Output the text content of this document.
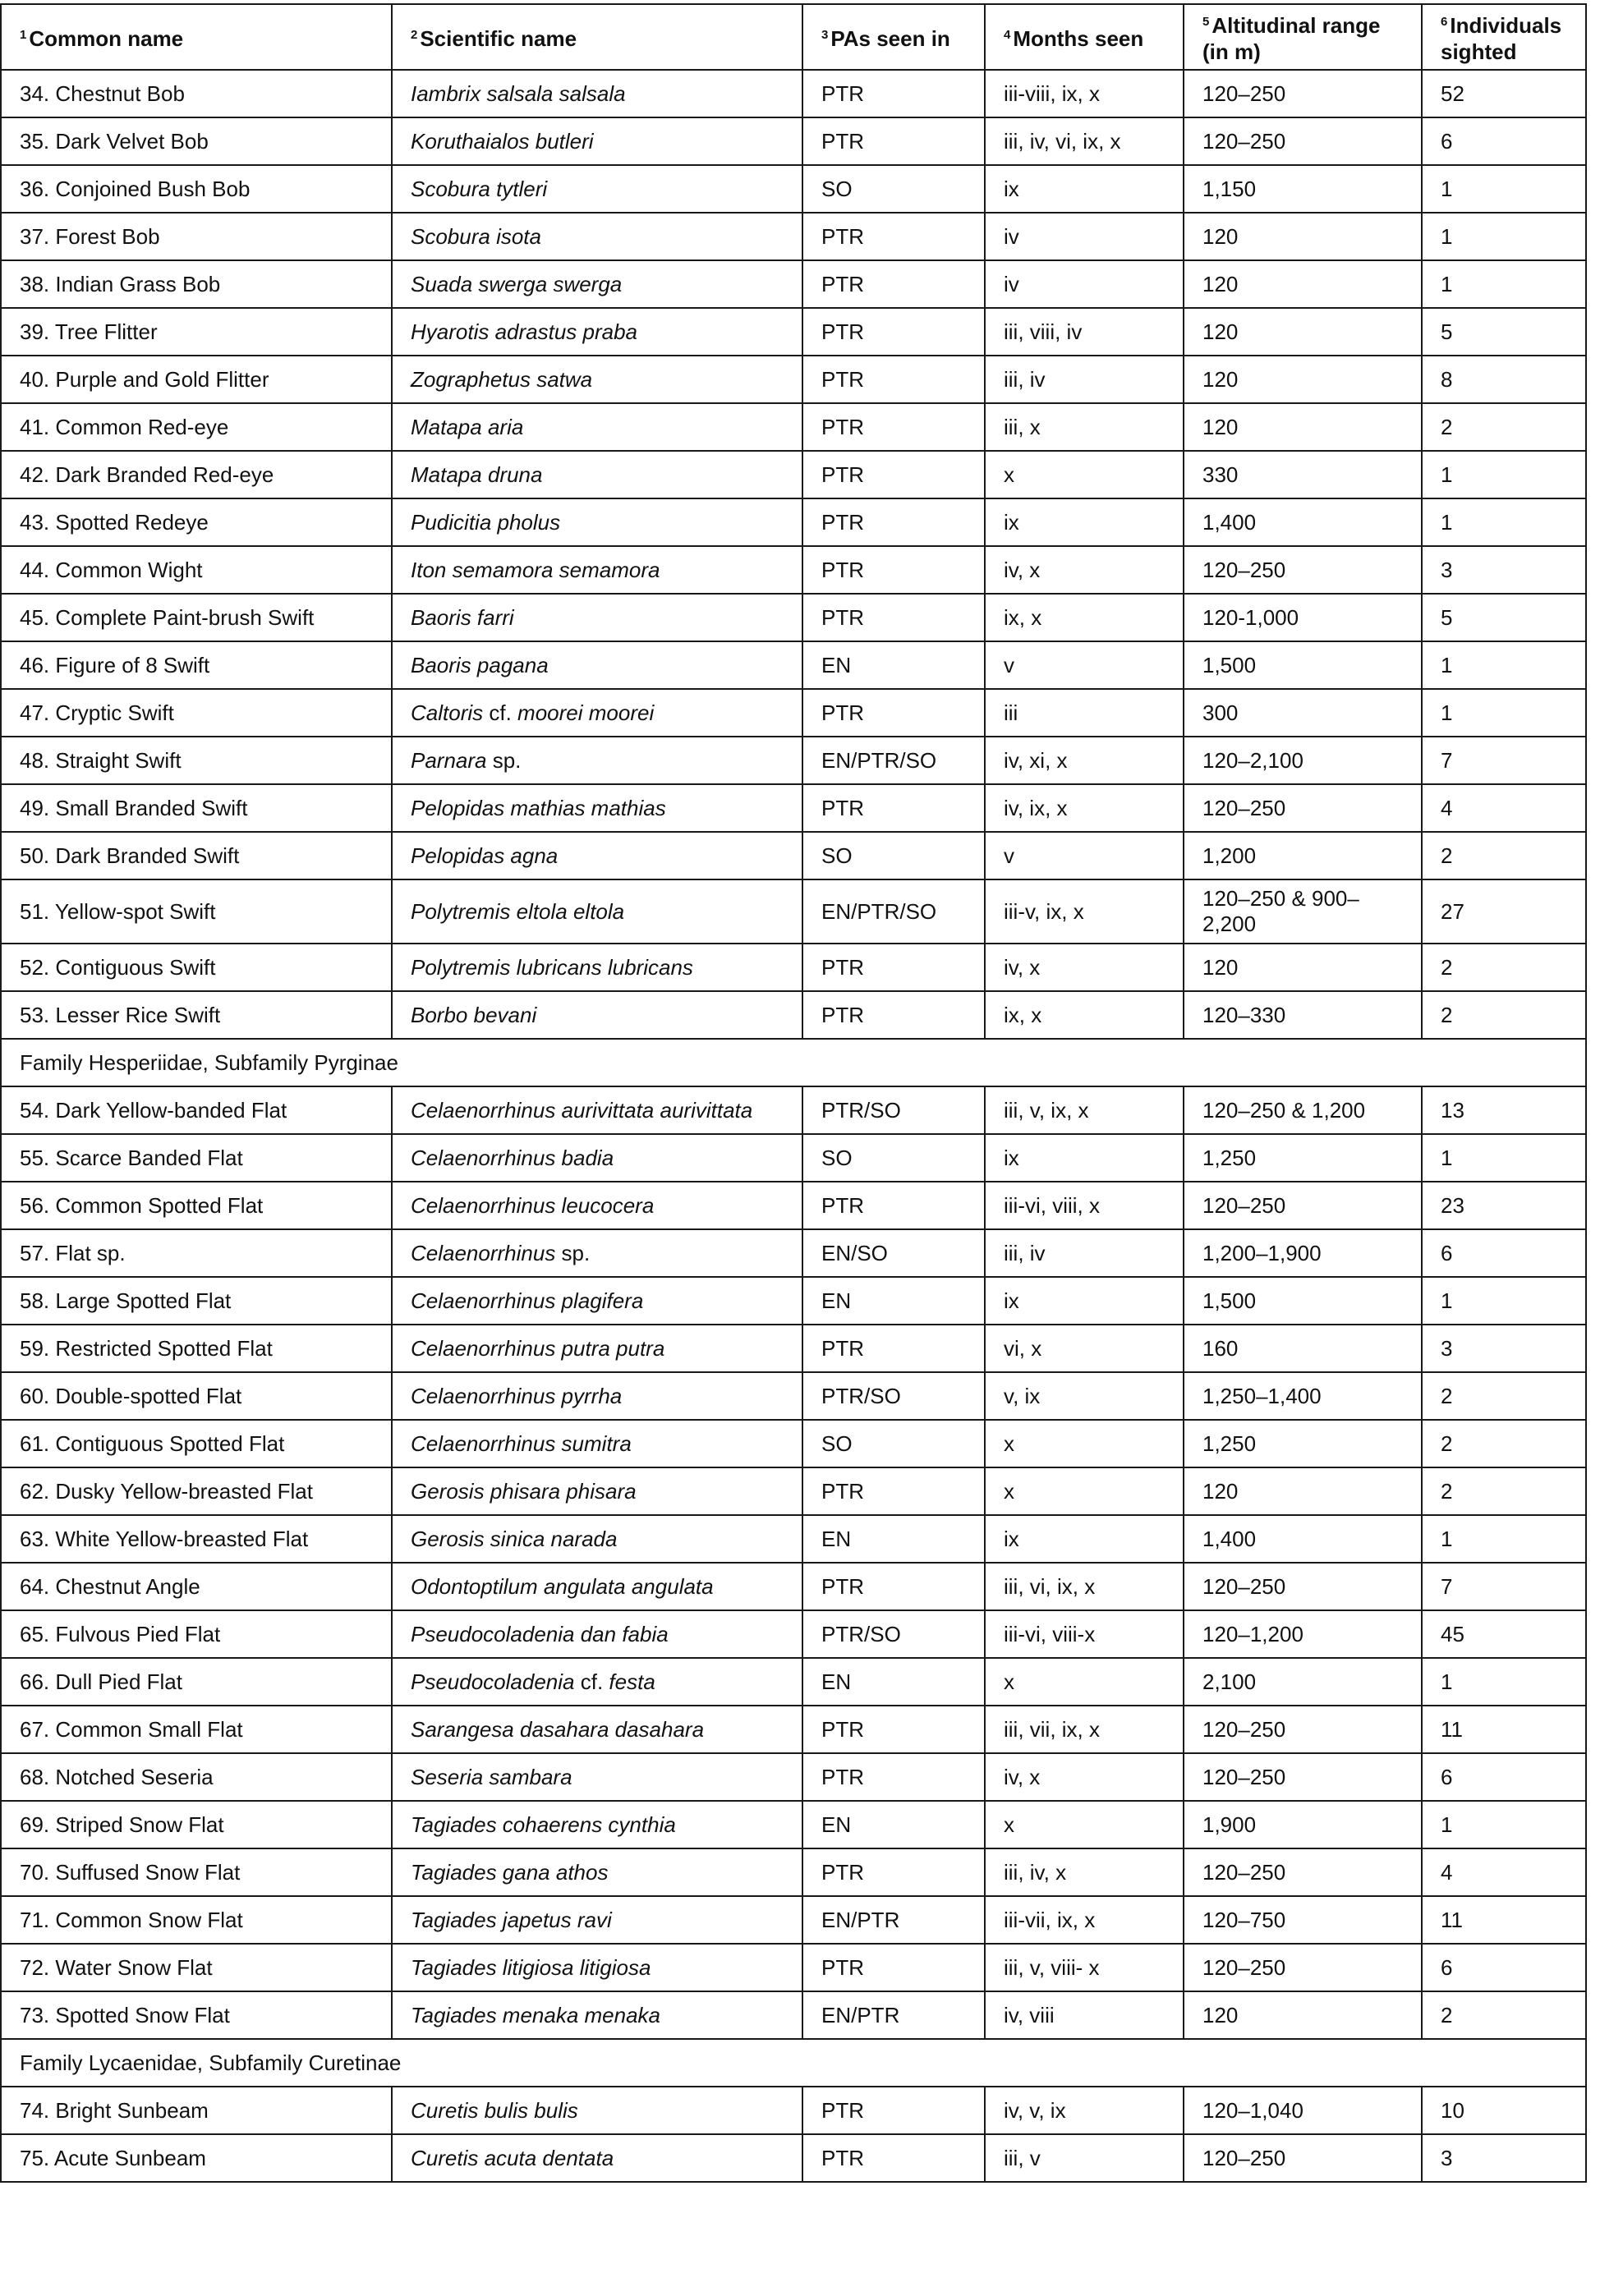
$^1$ Common name	$^2$ Scientific name	$^3$ PAs seen in	$^4$ Months seen	$^5$ Altitudinal range (in m)	$^6$ Individuals sighted
34. Chestnut Bob	Iambrix salsala salsala	PTR	iii-viii, ix, x	120–250	52
35. Dark Velvet Bob	Koruthaialos butleri	PTR	iii, iv, vi, ix, x	120–250	6
36. Conjoined Bush Bob	Scobura tytleri	SO	ix	1,150	1
37. Forest Bob	Scobura isota	PTR	iv	120	1
38. Indian Grass Bob	Suada swerga swerga	PTR	iv	120	1
39. Tree Flitter	Hyarotis adrastus praba	PTR	iii, viii, iv	120	5
40. Purple and Gold Flitter	Zographetus satwa	PTR	iii, iv	120	8
41. Common Red-eye	Matapa aria	PTR	iii, x	120	2
42. Dark Branded Red-eye	Matapa druna	PTR	x	330	1
43. Spotted Redeye	Pudicitia pholus	PTR	ix	1,400	1
44. Common Wight	Iton semamora semamora	PTR	iv, x	120–250	3
45. Complete Paint-brush Swift	Baoris farri	PTR	ix, x	120-1,000	5
46. Figure of 8 Swift	Baoris pagana	EN	v	1,500	1
47. Cryptic Swift	Caltoris cf. moorei moorei	PTR	iii	300	1
48. Straight Swift	Parnara sp.	EN/PTR/SO	iv, xi, x	120–2,100	7
49. Small Branded Swift	Pelopidas mathias mathias	PTR	iv, ix, x	120–250	4
50. Dark Branded Swift	Pelopidas agna	SO	v	1,200	2
51. Yellow-spot Swift	Polytremis eltola eltola	EN/PTR/SO	iii-v, ix, x	120–250 & 900–2,200	27
52. Contiguous Swift	Polytremis lubricans lubricans	PTR	iv, x	120	2
53. Lesser Rice Swift	Borbo bevani	PTR	ix, x	120–330	2
Family Hesperiidae, Subfamily Pyrginae					
54. Dark Yellow-banded Flat	Celaenorrhinus aurivittata aurivittata	PTR/SO	iii, v, ix, x	120–250 & 1,200	13
55. Scarce Banded Flat	Celaenorrhinus badia	SO	ix	1,250	1
56. Common Spotted Flat	Celaenorrhinus leucocera	PTR	iii-vi, viii, x	120–250	23
57. Flat sp.	Celaenorrhinus sp.	EN/SO	iii, iv	1,200–1,900	6
58. Large Spotted Flat	Celaenorrhinus plagifera	EN	ix	1,500	1
59. Restricted Spotted Flat	Celaenorrhinus putra putra	PTR	vi, x	160	3
60. Double-spotted Flat	Celaenorrhinus pyrrha	PTR/SO	v, ix	1,250–1,400	2
61. Contiguous Spotted Flat	Celaenorrhinus sumitra	SO	x	1,250	2
62. Dusky Yellow-breasted Flat	Gerosis phisara phisara	PTR	x	120	2
63. White Yellow-breasted Flat	Gerosis sinica narada	EN	ix	1,400	1
64. Chestnut Angle	Odontoptilum angulata angulata	PTR	iii, vi, ix, x	120–250	7
65. Fulvous Pied Flat	Pseudocoladenia dan fabia	PTR/SO	iii-vi, viii-x	120–1,200	45
66. Dull Pied Flat	Pseudocoladenia cf. festa	EN	x	2,100	1
67. Common Small Flat	Sarangesa dasahara dasahara	PTR	iii, vii, ix, x	120–250	11
68. Notched Seseria	Seseria sambara	PTR	iv, x	120–250	6
69. Striped Snow Flat	Tagiades cohaerens cynthia	EN	x	1,900	1
70. Suffused Snow Flat	Tagiades gana athos	PTR	iii, iv, x	120–250	4
71. Common Snow Flat	Tagiades japetus ravi	EN/PTR	iii-vii, ix, x	120–750	11
72. Water Snow Flat	Tagiades litigiosa litigiosa	PTR	iii, v, viii- x	120–250	6
73. Spotted Snow Flat	Tagiades menaka menaka	EN/PTR	iv, viii	120	2
Family Lycaenidae, Subfamily Curetinae					
74. Bright Sunbeam	Curetis bulis bulis	PTR	iv, v, ix	120–1,040	10
75. Acute Sunbeam	Curetis acuta dentata	PTR	iii, v	120–250	3
